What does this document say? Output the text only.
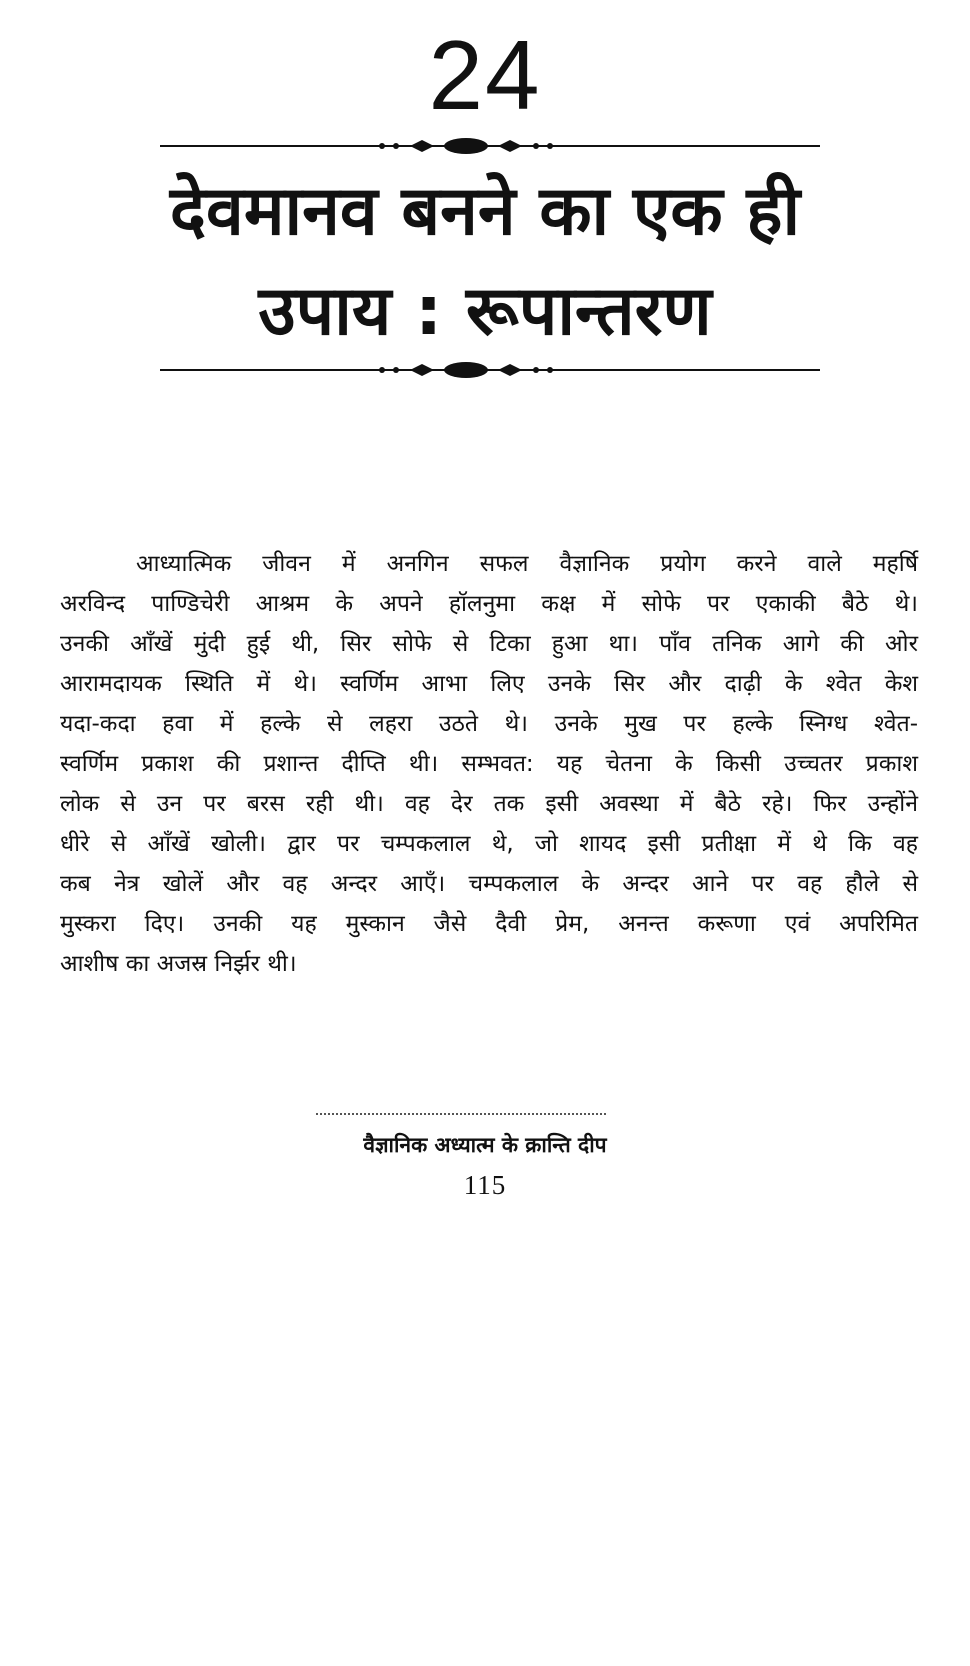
24
देवमानव बनने का एक ही
उपाय : रूपान्तरण
आध्यात्मिक जीवन में अनगिन सफल वैज्ञानिक प्रयोग करने वाले महर्षि
अरविन्द पाण्डिचेरी आश्रम के अपने हॉलनुमा कक्ष में सोफे पर एकाकी बैठे थे।
उनकी आँखें मुंदी हुई थी, सिर सोफे से टिका हुआ था। पाँव तनिक आगे की ओर
आरामदायक स्थिति में थे। स्वर्णिम आभा लिए उनके सिर और दाढ़ी के श्वेत केश
यदा-कदा हवा में हल्के से लहरा उठते थे। उनके मुख पर हल्के स्निग्ध श्वेत-
स्वर्णिम प्रकाश की प्रशान्त दीप्ति थी। सम्भवत: यह चेतना के किसी उच्चतर प्रकाश
लोक से उन पर बरस रही थी। वह देर तक इसी अवस्था में बैठे रहे। फिर उन्होंने
धीरे से आँखें खोली। द्वार पर चम्पकलाल थे, जो शायद इसी प्रतीक्षा में थे कि वह
कब नेत्र खोलें और वह अन्दर आएँ। चम्पकलाल के अन्दर आने पर वह हौले से
मुस्करा दिए। उनकी यह मुस्कान जैसे दैवी प्रेम, अनन्त करूणा एवं अपरिमित
आशीष का अजस्र निर्झर थी।
वैज्ञानिक अध्यात्म के क्रान्ति दीप
115
